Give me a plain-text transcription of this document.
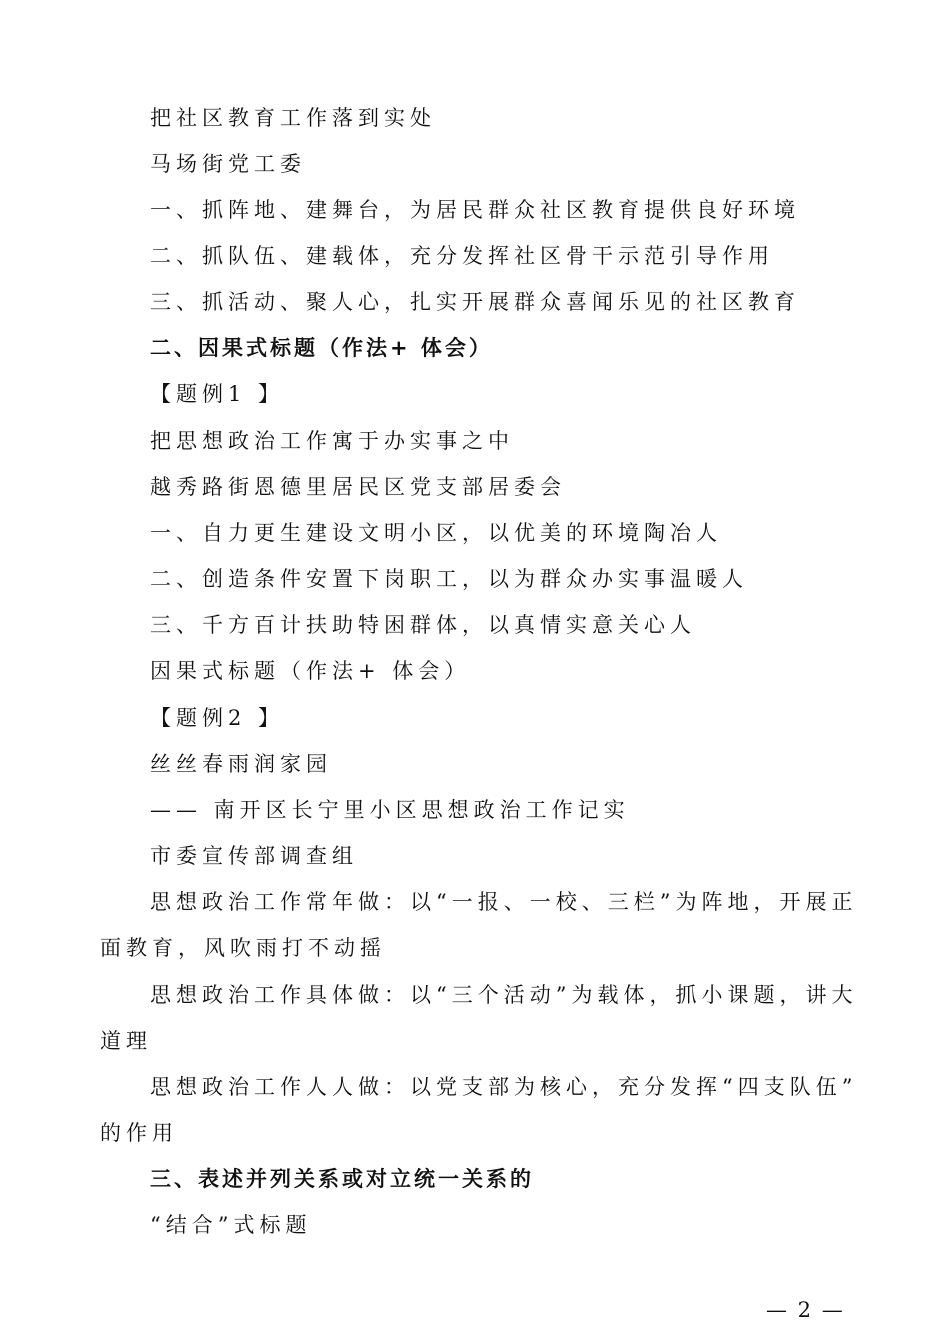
把社区教育工作落到实处
马场街党工委
一、抓阵地、建舞台，为居民群众社区教育提供良好环境
二、抓队伍、建载体，充分发挥社区骨干示范引导作用
三、抓活动、聚人心，扎实开展群众喜闻乐见的社区教育
二、因果式标题（作法+ 体会）
【题例1 】
把思想政治工作寓于办实事之中
越秀路街恩德里居民区党支部居委会
一、自力更生建设文明小区，以优美的环境陶冶人
二、创造条件安置下岗职工，以为群众办实事温暖人
三、千方百计扶助特困群体，以真情实意关心人
因果式标题（作法+ 体会）
【题例2 】
丝丝春雨润家园
—— 南开区长宁里小区思想政治工作记实
市委宣传部调查组
思想政治工作常年做：以“一报、一校、三栏”为阵地，开展正
面教育，风吹雨打不动摇
思想政治工作具体做：以“三个活动”为载体，抓小课题，讲大
道理
思想政治工作人人做：以党支部为核心，充分发挥“四支队伍”
的作用
三、表述并列关系或对立统一关系的
“结合”式标题
— 2 —
